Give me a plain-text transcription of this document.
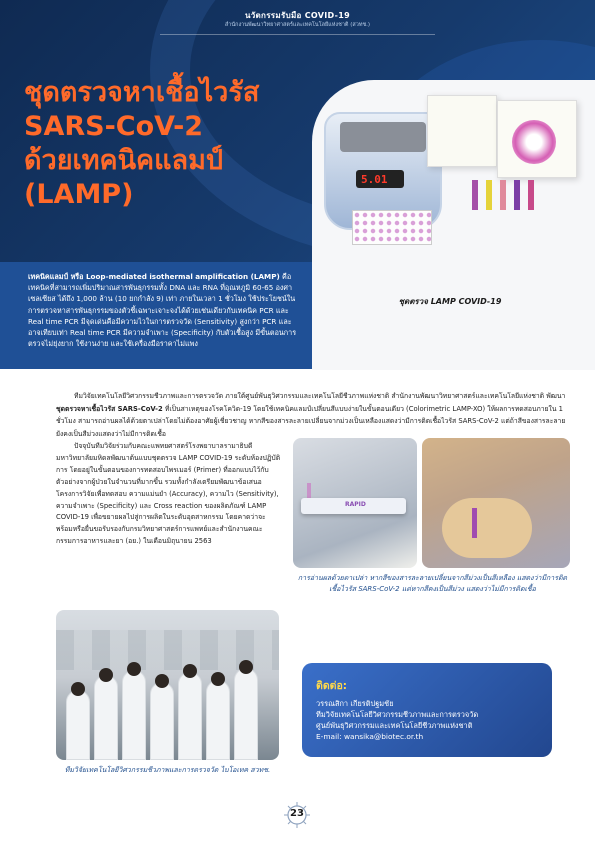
นวัตกรรมรับมือ COVID-19
สำนักงานพัฒนาวิทยาศาสตร์และเทคโนโลยีแห่งชาติ (สวทช.)
ชุดตรวจหาเชื้อไวรัส
SARS-CoV-2
ด้วยเทคนิคแลมป์
(LAMP)	5.01
ชุดตรวจ LAMP COVID-19

เทคนิคแลมป์ หรือ Loop-mediated isothermal amplification (LAMP) คือ เทคนิคที่สามารถเพิ่มปริมาณสารพันธุกรรมทั้ง DNA และ RNA ที่อุณหภูมิ 60-65 องศาเซลเซียส ได้ถึง 1,000 ล้าน (10 ยกกำลัง 9) เท่า ภายในเวลา 1 ชั่วโมง ใช้ประโยชน์ในการตรวจหาสารพันธุกรรมของตัวชี้เฉพาะเจาะจงได้ด้วยเช่นเดียวกับเทคนิค PCR และ Real time PCR มีจุดเด่นคือมีความไวในการตรวจวัด (Sensitivity) สูงกว่า PCR และอาจเทียบเท่า Real time PCR มีความจำเพาะ (Specificity) กับตัวเชื้อสูง มีขั้นตอนการตรวจไม่ยุ่งยาก ใช้งานง่าย และใช้เครื่องมือราคาไม่แพง

ทีมวิจัยเทคโนโลยีวิศวกรรมชีวภาพและการตรวจวัด ภายใต้ศูนย์พันธุวิศวกรรมและเทคโนโลยีชีวภาพแห่งชาติ สำนักงานพัฒนาวิทยาศาสตร์และเทคโนโลยีแห่งชาติ พัฒนาชุดตรวจหาเชื้อไวรัส SARS-CoV-2 ที่เป็นสาเหตุของโรคโควิด-19 โดยใช้เทคนิคแลมป์เปลี่ยนสีแบบง่ายในขั้นตอนเดียว (Colorimetric LAMP-XO) ให้ผลการทดสอบภายใน 1 ชั่วโมง สามารถอ่านผลได้ด้วยตาเปล่าโดยไม่ต้องอาศัยผู้เชี่ยวชาญ หากสีของสารละลายเปลี่ยนจากม่วงเป็นเหลืองแสดงว่ามีการติดเชื้อไวรัส SARS-CoV-2 แต่ถ้าสีของสารละลายยังคงเป็นสีม่วงแสดงว่าไม่มีการติดเชื้อ

ปัจจุบันทีมวิจัยร่วมกับคณะแพทยศาสตร์โรงพยาบาลรามาธิบดีมหาวิทยาลัยมหิดลพัฒนาต้นแบบชุดตรวจ LAMP COVID-19 ระดับห้องปฏิบัติการ โดยอยู่ในขั้นตอนของการทดสอบไพรเมอร์ (Primer) ที่ออกแบบไว้กับตัวอย่างจากผู้ป่วยในจำนวนที่มากขึ้น รวมทั้งกำลังเตรียมพัฒนาข้อเสนอโครงการวิจัยเพื่อทดสอบ ความแม่นยำ (Accuracy), ความไว (Sensitivity), ความจำเพาะ (Specificity) และ Cross reaction ของผลิตภัณฑ์ LAMP COVID-19 เพื่อขยายผลไปสู่การผลิตในระดับอุตสาหกรรม โดยคาดว่าจะพร้อมหรือยื่นขอรับรองกับกรมวิทยาศาสตร์การแพทย์และสำนักงานคณะกรรมการอาหารและยา (อย.) ในเดือนมิถุนายน 2563

RAPID
การอ่านผลด้วยตาเปล่า หากสีของสารละลายเปลี่ยนจากสีม่วงเป็นสีเหลือง แสดงว่ามีการติดเชื้อไวรัส SARS-CoV-2 แต่หากสีคงเป็นสีม่วง แสดงว่าไม่มีการติดเชื้อ
ทีมวิจัยเทคโนโลยีวิศวกรรมชีวภาพและการตรวจวัด ไบโอเทค สวทช.
ติดต่อ:
วรรณสิกา เกียรติปฐมชัย
ทีมวิจัยเทคโนโลยีวิศวกรรมชีวภาพและการตรวจวัด
ศูนย์พันธุวิศวกรรมและเทคโนโลยีชีวภาพแห่งชาติ
E-mail: wansika@biotec.or.th
23
